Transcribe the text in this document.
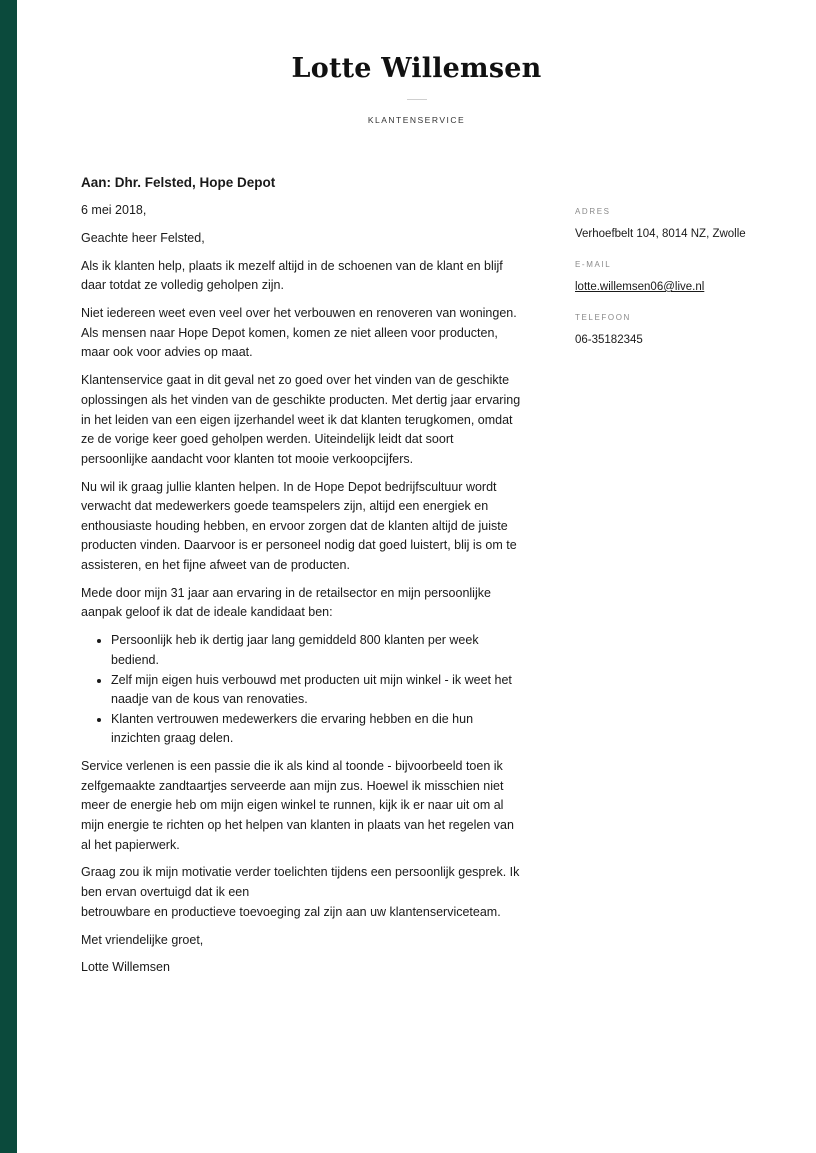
Lotte Willemsen
KLANTENSERVICE
Aan: Dhr. Felsted, Hope Depot

6 mei 2018,

Geachte heer Felsted,

Als ik klanten help, plaats ik mezelf altijd in de schoenen van de klant en blijf daar totdat ze volledig geholpen zijn.

Niet iedereen weet even veel over het verbouwen en renoveren van woningen. Als mensen naar Hope Depot komen, komen ze niet alleen voor producten, maar ook voor advies op maat.

Klantenservice gaat in dit geval net zo goed over het vinden van de geschikte oplossingen als het vinden van de geschikte producten. Met dertig jaar ervaring in het leiden van een eigen ijzerhandel weet ik dat klanten terugkomen, omdat ze de vorige keer goed geholpen werden. Uiteindelijk leidt dat soort persoonlijke aandacht voor klanten tot mooie verkoopcijfers.

Nu wil ik graag jullie klanten helpen. In de Hope Depot bedrijfscultuur wordt verwacht dat medewerkers goede teamspelers zijn, altijd een energiek en enthousiaste houding hebben, en ervoor zorgen dat de klanten altijd de juiste producten vinden. Daarvoor is er personeel nodig dat goed luistert, blij is om te assisteren, en het fijne afweet van de producten.

Mede door mijn 31 jaar aan ervaring in de retailsector en mijn persoonlijke aanpak geloof ik dat de ideale kandidaat ben:

• Persoonlijk heb ik dertig jaar lang gemiddeld 800 klanten per week bediend.
• Zelf mijn eigen huis verbouwd met producten uit mijn winkel - ik weet het naadje van de kous van renovaties.
• Klanten vertrouwen medewerkers die ervaring hebben en die hun inzichten graag delen.

Service verlenen is een passie die ik als kind al toonde - bijvoorbeeld toen ik zelfgemaakte zandtaartjes serveerde aan mijn zus. Hoewel ik misschien niet meer de energie heb om mijn eigen winkel te runnen, kijk ik er naar uit om al mijn energie te richten op het helpen van klanten in plaats van het regelen van al het papierwerk.

Graag zou ik mijn motivatie verder toelichten tijdens een persoonlijk gesprek. Ik ben ervan overtuigd dat ik een
betrouwbare en productieve toevoeging zal zijn aan uw klantenserviceteam.

Met vriendelijke groet,

Lotte Willemsen

ADRES
Verhoefbelt 104, 8014 NZ, Zwolle
E-MAIL
lotte.willemsen06@live.nl
TELEFOON
06-35182345
